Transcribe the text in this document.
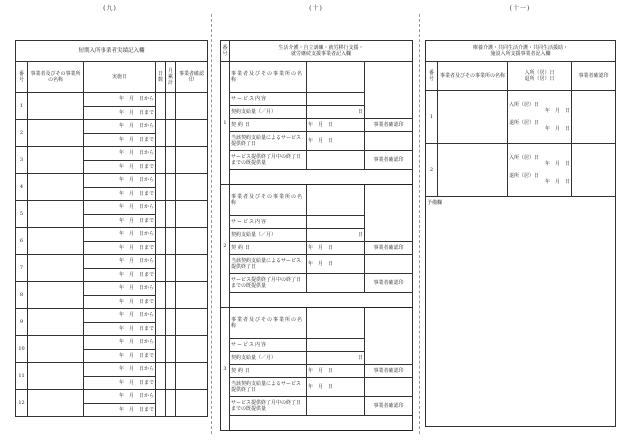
(九)
短期入所事業者実績記入欄					
番号	事業者及びその事業所の名称	実施日	日数	月累計	事業者確認印
1		年　月　日から			
		年　月　日まで			
2		年　月　日から			
		年　月　日まで			
3		年　月　日から			
		年　月　日まで			
4		年　月　日から			
		年　月　日まで			
5		年　月　日から			
		年　月　日まで			
6		年　月　日から			
		年　月　日まで			
7		年　月　日から			
		年　月　日まで			
8		年　月　日から			
		年　月　日まで			
9		年　月　日から			
		年　月　日まで			
10		年　月　日から			
		年　月　日まで			
11		年　月　日から			
		年　月　日まで			
12		年　月　日から			
		年　月　日まで			
(十)
番号	生活介護・自立訓練・就労移行支援・
就労継続支援事業者記入欄		

1	事業者及びその事業所の名称		
	サービス内容		
	契約支給量（／月）	日	
	契約日	年　月　日	事業者確認印
	当該契約支給量によるサービス提供終了日	年　月　日	
	サービス提供終了月中の終了日までの既提供量		事業者確認印

2	事業者及びその事業所の名称		
	サービス内容		
	契約支給量（／月）	日	
	契約日	年　月　日	事業者確認印
	当該契約支給量によるサービス提供終了日	年　月　日	
	サービス提供終了月中の終了日までの既提供量		事業者確認印

3	事業者及びその事業所の名称		
	サービス内容		
	契約支給量（／月）	日	
	契約日	年　月　日	事業者確認印
	当該契約支給量によるサービス提供終了日	年　月　日	
	サービス提供終了月中の終了日までの既提供量		事業者確認印

(十一)
療養介護・共同生活介護・共同生活援助・
施設入所支援事業者記入欄			

番号	事業者及びその事業所の名称	入所（居）日
退所（居）日	事業者確認印
1		入所（居）日
年　月　日
退所（居）日
年　月　日	

2		入所（居）日
年　月　日
退所（居）日
年　月　日	

予備欄			
